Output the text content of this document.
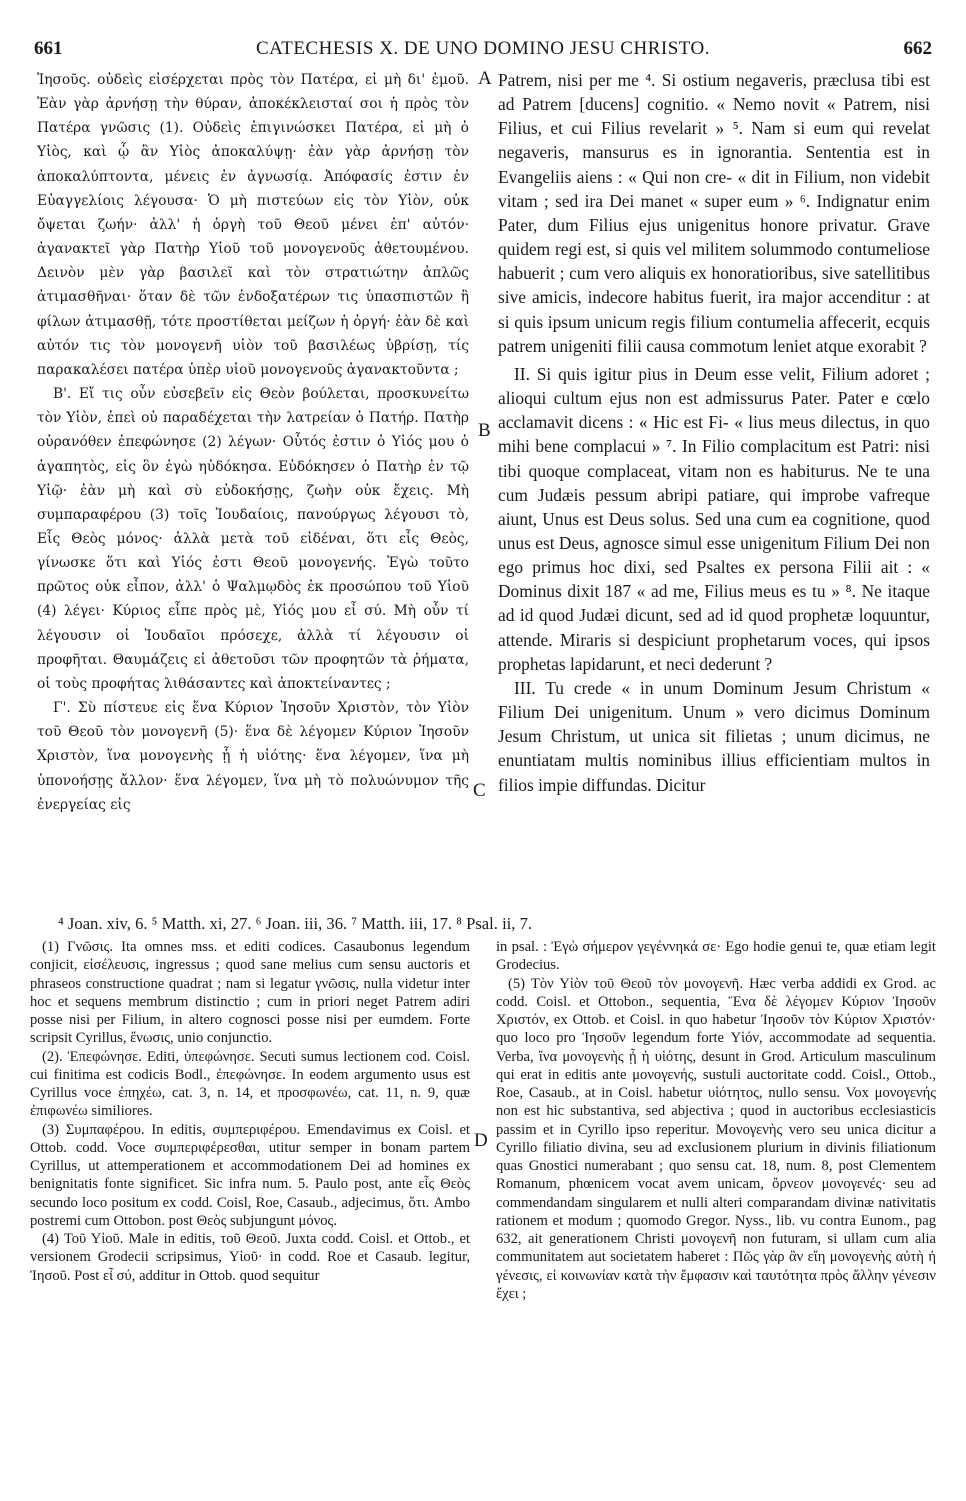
661	CATECHESIS X. DE UNO DOMINO JESU CHRISTO.	662

Ἰησοῦς. οὐδεὶς εἰσέρχεται πρὸς τὸν Πατέρα, εἰ μὴ δι' ἐμοῦ. Ἐὰν γὰρ ἀρνήσῃ τὴν θύραν, ἀποκέκλεισταί σοι ἡ πρὸς τὸν Πατέρα γνῶσις (1). Οὐδεὶς ἐπιγινώσκει Πατέρα, εἰ μὴ ὁ Υἱὸς, καὶ ᾧ ἂν Υἱὸς ἀποκαλύψῃ· ἐὰν γὰρ ἀρνήσῃ τὸν ἀποκαλύπτοντα, μένεις ἐν ἀγνωσίᾳ. Ἀπόφασίς ἐστιν ἐν Εὐαγγελίοις λέγουσα· Ὁ μὴ πιστεύων εἰς τὸν Υἱὸν, οὐκ ὄψεται ζωήν· ἀλλ' ἡ ὀργὴ τοῦ Θεοῦ μένει ἐπ' αὐτόν· ἀγανακτεῖ γὰρ Πατὴρ Υἱοῦ τοῦ μονογενοῦς ἀθετουμένου. Δεινὸν μὲν γὰρ βασιλεῖ καὶ τὸν στρατιώτην ἁπλῶς ἀτιμασθῆναι· ὅταν δὲ τῶν ἐνδοξατέρων τις ὑπασπιστῶν ἢ φίλων ἀτιμασθῇ, τότε προστίθεται μείζων ἡ ὀργή· ἐὰν δὲ καὶ αὐτόν τις τὸν μονογενῆ υἱὸν τοῦ βασιλέως ὑβρίσῃ, τίς παρακαλέσει πατέρα ὑπὲρ υἱοῦ μονογενοῦς ἀγανακτοῦντα ;

Β'. Εἴ τις οὖν εὐσεβεῖν εἰς Θεὸν βούλεται, προσκυνείτω τὸν Υἱὸν, ἐπεὶ οὐ παραδέχεται τὴν λατρείαν ὁ Πατήρ. Πατὴρ οὐρανόθεν ἐπεφώνησε (2) λέγων· Οὗτός ἐστιν ὁ Υἱός μου ὁ ἀγαπητὸς, εἰς ὃν ἐγὼ ηὐδόκησα. Εὐδόκησεν ὁ Πατὴρ ἐν τῷ Υἱῷ· ἐὰν μὴ καὶ σὺ εὐδοκήσῃς, ζωὴν οὐκ ἔχεις. Μὴ συμπαραφέρου (3) τοῖς Ἰουδαίοις, πανούργως λέγουσι τὸ, Εἷς Θεὸς μόνος· ἀλλὰ μετὰ τοῦ εἰδέναι, ὅτι εἷς Θεὸς, γίνωσκε ὅτι καὶ Υἱός ἐστι Θεοῦ μονογενής. Ἐγὼ τοῦτο πρῶτος οὐκ εἶπον, ἀλλ' ὁ Ψαλμῳδὸς ἐκ προσώπου τοῦ Υἱοῦ (4) λέγει· Κύριος εἶπε πρὸς μὲ, Υἱός μου εἶ σύ. Μὴ οὖν τί λέγουσιν οἱ Ἰουδαῖοι πρόσεχε, ἀλλὰ τί λέγουσιν οἱ προφῆται. Θαυμάζεις εἰ ἀθετοῦσι τῶν προφητῶν τὰ ῥήματα, οἱ τοὺς προφήτας λιθάσαντες καὶ ἀποκτείναντες ;

Γ'. Σὺ πίστευε εἰς ἕνα Κύριον Ἰησοῦν Χριστὸν, τὸν Υἱὸν τοῦ Θεοῦ τὸν μονογενῆ (5)· ἕνα δὲ λέγομεν Κύριον Ἰησοῦν Χριστὸν, ἵνα μονογενὴς ᾖ ἡ υἱότης· ἕνα λέγομεν, ἵνα μὴ ὑπονοήσῃς ἄλλον· ἕνα λέγομεν, ἵνα μὴ τὸ πολυώνυμον τῆς ἐνεργείας εἰς

A
B
C
D

Patrem, nisi per me ⁴. Si ostium negaveris, præclusa tibi est ad Patrem [ducens] cognitio. « Nemo novit « Patrem, nisi Filius, et cui Filius revelarit » ⁵. Nam si eum qui revelat negaveris, mansurus es in ignorantia. Sententia est in Evangeliis aiens : « Qui non cre- « dit in Filium, non videbit vitam ; sed ira Dei manet « super eum » ⁶. Indignatur enim Pater, dum Filius ejus unigenitus honore privatur. Grave quidem regi est, si quis vel militem solummodo contumeliose habuerit ; cum vero aliquis ex honoratioribus, sive satellitibus sive amicis, indecore habitus fuerit, ira major accenditur : at si quis ipsum unicum regis filium contumelia affecerit, ecquis patrem unigeniti filii causa commotum leniet atque exorabit ?

II. Si quis igitur pius in Deum esse velit, Filium adoret ; alioqui cultum ejus non est admissurus Pater. Pater e cœlo acclamavit dicens : « Hic est Fi- « lius meus dilectus, in quo mihi bene complacui » ⁷. In Filio complacitum est Patri: nisi tibi quoque complaceat, vitam non es habiturus. Ne te una cum Judæis pessum abripi patiare, qui improbe vafreque aiunt, Unus est Deus solus. Sed una cum ea cognitione, quod unus est Deus, agnosce simul esse unigenitum Filium Dei non ego primus hoc dixi, sed Psaltes ex persona Filii ait : « Dominus dixit 187 « ad me, Filius meus es tu » ⁸. Ne itaque ad id quod Judæi dicunt, sed ad id quod prophetæ loquuntur, attende. Miraris si despiciunt prophetarum voces, qui ipsos prophetas lapidarunt, et neci dederunt ?

III. Tu crede « in unum Dominum Jesum Christum « Filium Dei unigenitum. Unum » vero dicimus Dominum Jesum Christum, ut unica sit filietas ; unum dicimus, ne enuntiatam multis nominibus illius efficientiam multos in filios impie diffundas. Dicitur

⁴ Joan. xiv, 6. ⁵ Matth. xi, 27. ⁶ Joan. iii, 36. ⁷ Matth. iii, 17. ⁸ Psal. ii, 7.

(1) Γνῶσις. Ita omnes mss. et editi codices. Casaubonus legendum conjicit, εἰσέλευσις, ingressus ; quod sane melius cum sensu auctoris et phraseos constructione quadrat ; nam si legatur γνῶσις, nulla videtur inter hoc et sequens membrum distinctio ; cum in priori neget Patrem adiri posse nisi per Filium, in altero cognosci posse nisi per eumdem. Forte scripsit Cyrillus, ἕνωσις, unio conjunctio.

(2). Ἐπεφώνησε. Editi, ὑπεφώνησε. Secuti sumus lectionem cod. Coisl. cui finitima est codicis Bodl., ἐπεφώνησε. In eodem argumento usus est Cyrillus voce ἐπηχέω, cat. 3, n. 14, et προσφωνέω, cat. 11, n. 9, quæ ἐπιφωνέω similiores.

(3) Συμπαφέρου. In editis, συμπεριφέρου. Emendavimus ex Coisl. et Ottob. codd. Voce συμπεριφέρεσθαι, utitur semper in bonam partem Cyrillus, ut attemperationem et accommodationem Dei ad homines ex benignitatis fonte significet. Sic infra num. 5. Paulo post, ante εἷς Θεὸς secundo loco positum ex codd. Coisl, Roe, Casaub., adjecimus, ὅτι. Ambo postremi cum Ottobon. post Θεὸς subjungunt μόνος.

(4) Τοῦ Υἱοῦ. Male in editis, τοῦ Θεοῦ. Juxta codd. Coisl. et Ottob., et versionem Grodecii scripsimus, Υἱοῦ· in codd. Roe et Casaub. legitur, Ἰησοῦ. Post εἶ σύ, additur in Ottob. quod sequitur

in psal. : Ἐγὼ σήμερον γεγέννηκά σε· Ego hodie genui te, quæ etiam legit Grodecius.

(5) Τὸν Υἱὸν τοῦ Θεοῦ τὸν μονογενῆ. Hæc verba addidi ex Grod. ac codd. Coisl. et Ottobon., sequentia, Ἕνα δὲ λέγομεν Κύριον Ἰησοῦν Χριστόν, ex Ottob. et Coisl. in quo habetur Ἰησοῦν τὸν Κύριον Χριστόν· quo loco pro Ἰησοῦν legendum forte Υἱόν, accommodate ad sequentia. Verba, ἵνα μονογενὴς ᾖ ἡ υἱότης, desunt in Grod. Articulum masculinum qui erat in editis ante μονογενής, sustuli auctoritate codd. Coisl., Ottob., Roe, Casaub., at in Coisl. habetur υἱότητος, nullo sensu. Vox μονογενής non est hic substantiva, sed abjectiva ; quod in auctoribus ecclesiasticis passim et in Cyrillo ipso reperitur. Μονογενὴς vero seu unica dicitur a Cyrillo filiatio divina, seu ad exclusionem plurium in divinis filiationum quas Gnostici numerabant ; quo sensu cat. 18, num. 8, post Clementem Romanum, phœnicem vocat avem unicam, ὄρνεον μονογενές· seu ad commendandam singularem et nulli alteri comparandam divinæ nativitatis rationem et modum ; quomodo Gregor. Nyss., lib. vu contra Eunom., pag 632, ait generationem Christi μονογενῆ non futuram, si ullam cum alia communitatem aut societatem haberet : Πῶς γὰρ ἂν εἴη μονογενὴς αὐτὴ ἡ γένεσις, εἰ κοινωνίαν κατὰ τὴν ἔμφασιν καὶ ταυτότητα πρὸς ἄλλην γένεσιν ἔχει ;
